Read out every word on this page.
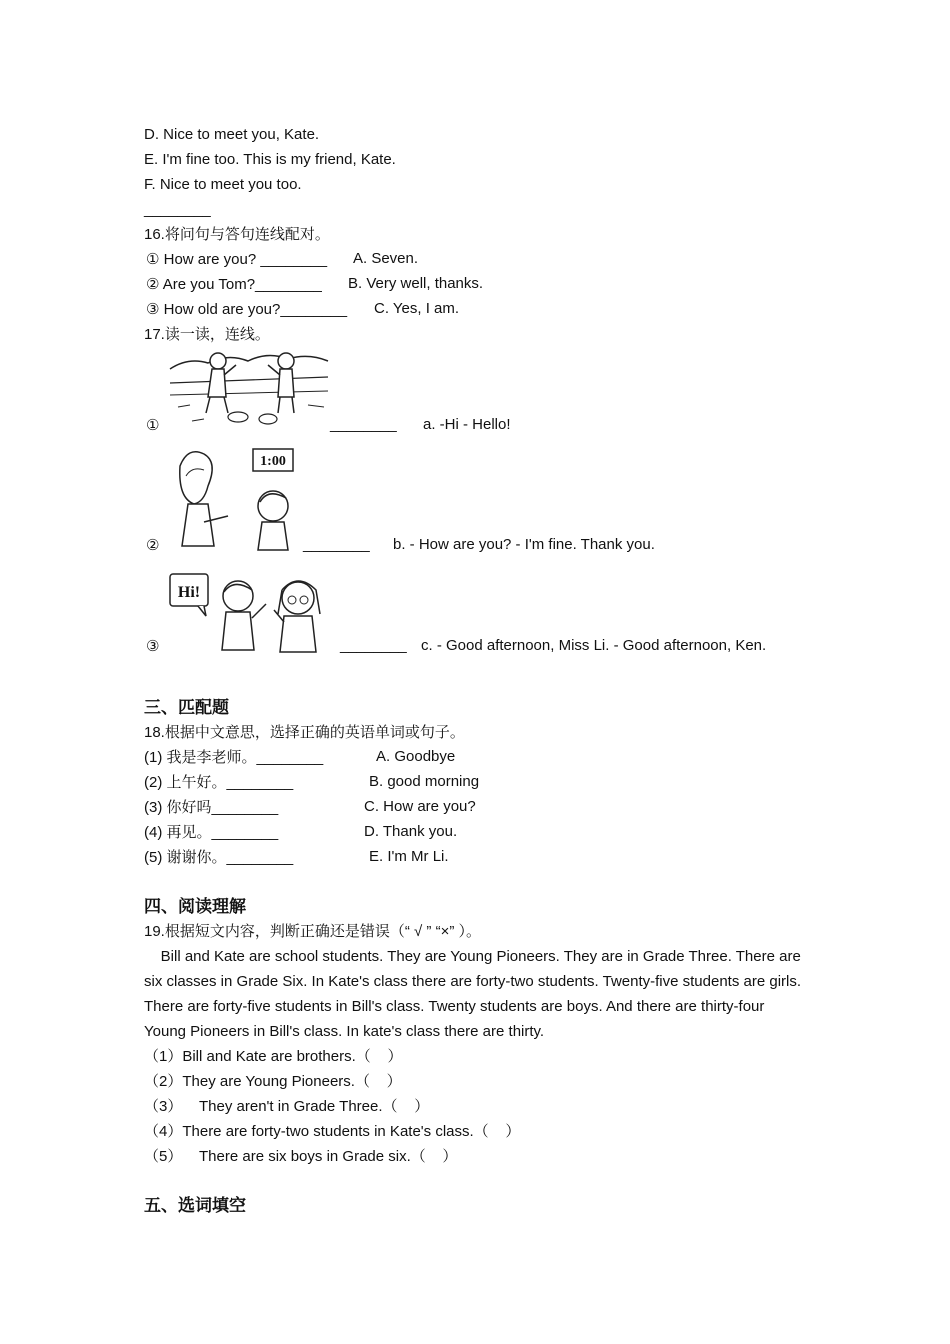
D. Nice to meet you, Kate.
E. I'm fine too. This is my friend, Kate.
F. Nice to meet you too.
________
16.将问句与答句连线配对。
① How are you? ________ A. Seven.
② Are you Tom?________ B. Very well, thanks.
③ How old are you?________ C. Yes, I am.
17.读一读，连线。
①	________ a. -Hi - Hello!
1:00
②	________ b. - How are you? - I'm fine. Thank you.
Hi!
③	________ c. - Good afternoon, Miss Li. - Good afternoon, Ken.
三、匹配题
18.根据中文意思，选择正确的英语单词或句子。
(1) 我是李老师。________	A. Goodbye
(2) 上午好。________	B. good morning
(3) 你好吗________	C. How are you?
(4) 再见。________	D. Thank you.
(5) 谢谢你。________	E. I'm Mr Li.
四、阅读理解
19.根据短文内容，判断正确还是错误（“ √ ” “×” ）。
Bill and Kate are school students. They are Young Pioneers. They are in Grade Three. There are
six classes in Grade Six. In Kate's class there are forty-two students. Twenty-five students are girls.
There are forty-five students in Bill's class. Twenty students are boys. And there are thirty-four
Young Pioneers in Bill's class. In kate's class there are thirty.
（1）Bill and Kate are brothers.（    ）
（2）They are Young Pioneers.（    ）
（3）    They aren't in Grade Three.（    ）
（4）There are forty-two students in Kate's class.（    ）
（5）    There are six boys in Grade six.（    ）
五、选词填空
